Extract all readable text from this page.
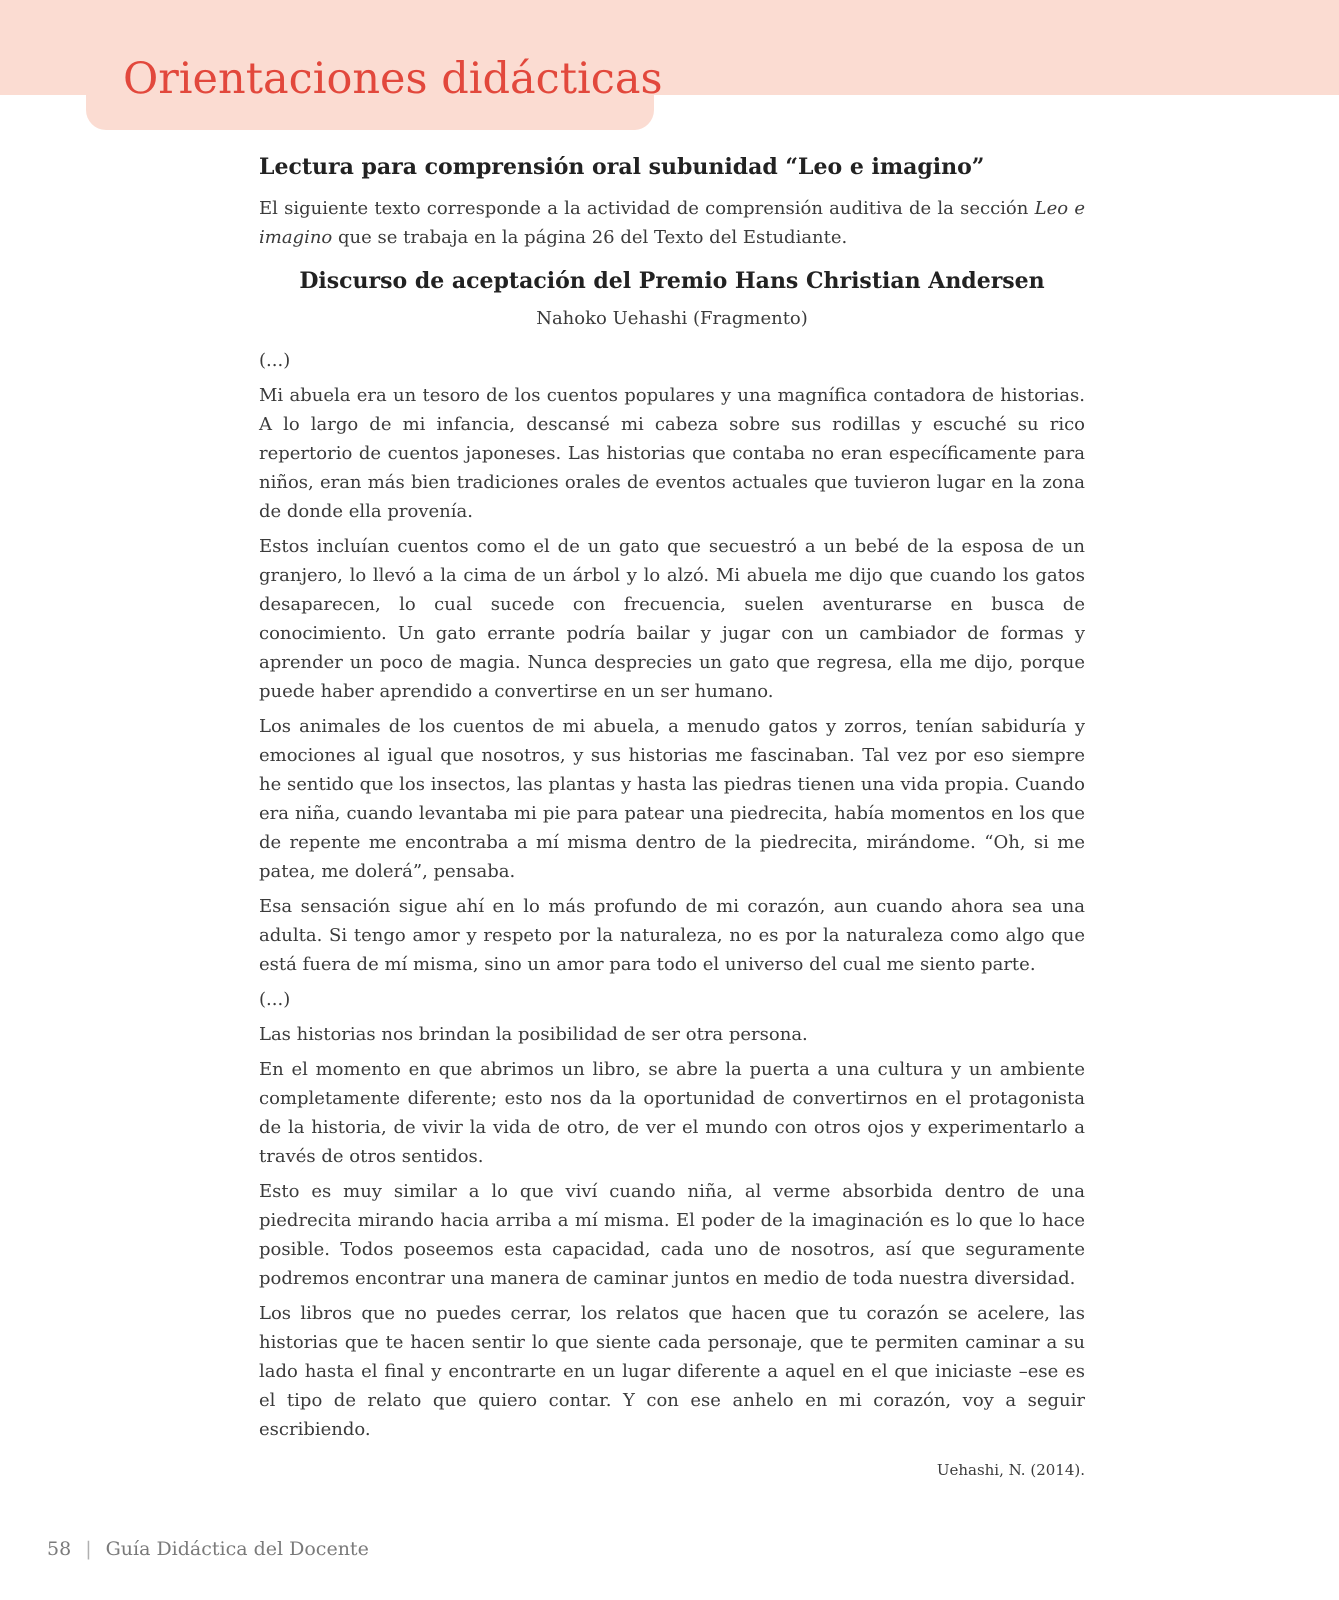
Orientaciones didácticas
Lectura para comprensión oral subunidad “Leo e imagino”

El siguiente texto corresponde a la actividad de comprensión auditiva de la sección Leo e imagino que se trabaja en la página 26 del Texto del Estudiante.

Discurso de aceptación del Premio Hans Christian Andersen

Nahoko Uehashi (Fragmento)

(...)

Mi abuela era un tesoro de los cuentos populares y una magnífica contadora de historias. A lo largo de mi infancia, descansé mi cabeza sobre sus rodillas y escuché su rico repertorio de cuentos japoneses. Las historias que contaba no eran específicamente para niños, eran más bien tradiciones orales de eventos actuales que tuvieron lugar en la zona de donde ella provenía.

Estos incluían cuentos como el de un gato que secuestró a un bebé de la esposa de un granjero, lo llevó a la cima de un árbol y lo alzó. Mi abuela me dijo que cuando los gatos desaparecen, lo cual sucede con frecuencia, suelen aventurarse en busca de conocimiento. Un gato errante podría bailar y jugar con un cambiador de formas y aprender un poco de magia. Nunca desprecies un gato que regresa, ella me dijo, porque puede haber aprendido a convertirse en un ser humano.

Los animales de los cuentos de mi abuela, a menudo gatos y zorros, tenían sabiduría y emociones al igual que nosotros, y sus historias me fascinaban. Tal vez por eso siempre he sentido que los insectos, las plantas y hasta las piedras tienen una vida propia. Cuando era niña, cuando levantaba mi pie para patear una piedrecita, había momentos en los que de repente me encontraba a mí misma dentro de la piedrecita, mirándome. “Oh, si me patea, me dolerá”, pensaba.

Esa sensación sigue ahí en lo más profundo de mi corazón, aun cuando ahora sea una adulta. Si tengo amor y respeto por la naturaleza, no es por la naturaleza como algo que está fuera de mí misma, sino un amor para todo el universo del cual me siento parte.

(...)

Las historias nos brindan la posibilidad de ser otra persona.

En el momento en que abrimos un libro, se abre la puerta a una cultura y un ambiente completamente diferente; esto nos da la oportunidad de convertirnos en el protagonista de la historia, de vivir la vida de otro, de ver el mundo con otros ojos y experimentarlo a través de otros sentidos.

Esto es muy similar a lo que viví cuando niña, al verme absorbida dentro de una piedrecita mirando hacia arriba a mí misma. El poder de la imaginación es lo que lo hace posible. Todos poseemos esta capacidad, cada uno de nosotros, así que seguramente podremos encontrar una manera de caminar juntos en medio de toda nuestra diversidad.

Los libros que no puedes cerrar, los relatos que hacen que tu corazón se acelere, las historias que te hacen sentir lo que siente cada personaje, que te permiten caminar a su lado hasta el final y encontrarte en un lugar diferente a aquel en el que iniciaste –ese es el tipo de relato que quiero contar. Y con ese anhelo en mi corazón, voy a seguir escribiendo.

Uehashi, N. (2014).

58 | Guía Didáctica del Docente
